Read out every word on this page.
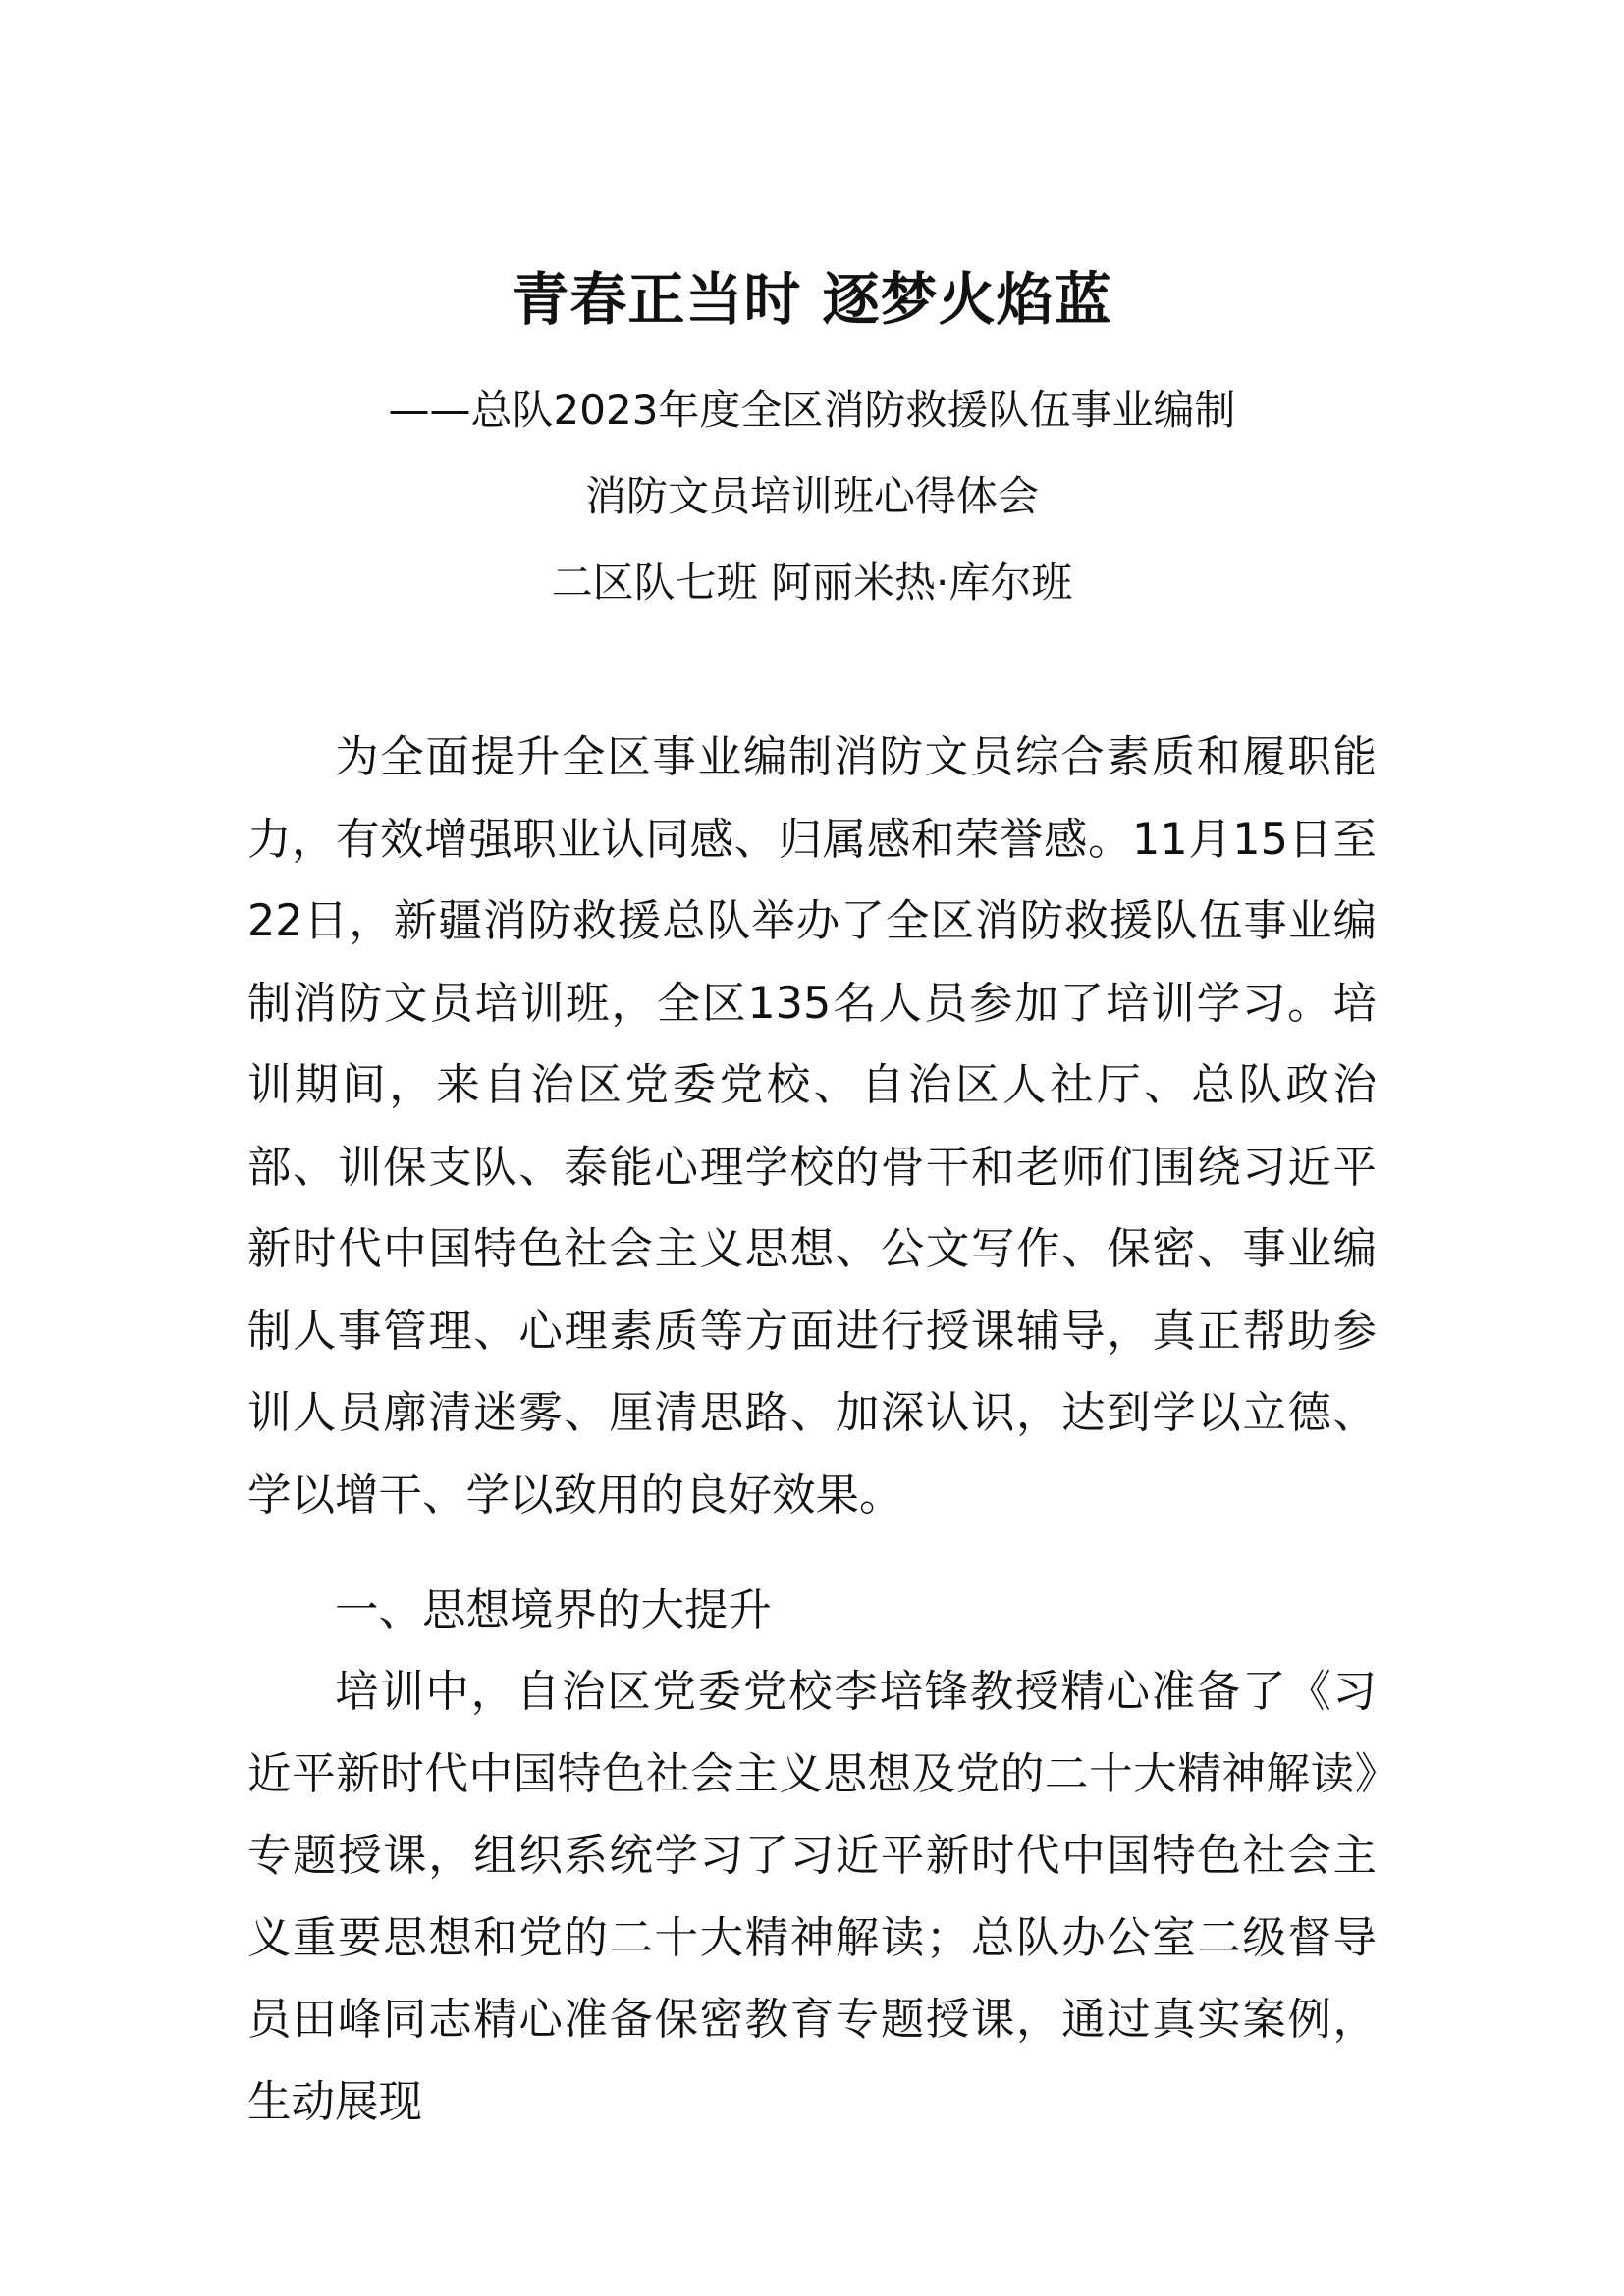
青春正当时 逐梦火焰蓝

——总队2023年度全区消防救援队伍事业编制

消防文员培训班心得体会

二区队七班 阿丽米热·库尔班

为全面提升全区事业编制消防文员综合素质和履职能力，有效增强职业认同感、归属感和荣誉感。11月15日至22日，新疆消防救援总队举办了全区消防救援队伍事业编制消防文员培训班，全区135名人员参加了培训学习。培训期间，来自治区党委党校、自治区人社厅、总队政治部、训保支队、泰能心理学校的骨干和老师们围绕习近平新时代中国特色社会主义思想、公文写作、保密、事业编制人事管理、心理素质等方面进行授课辅导，真正帮助参训人员廓清迷雾、厘清思路、加深认识，达到学以立德、学以增干、学以致用的良好效果。

一、思想境界的大提升

培训中，自治区党委党校李培锋教授精心准备了《习近平新时代中国特色社会主义思想及党的二十大精神解读》专题授课，组织系统学习了习近平新时代中国特色社会主义重要思想和党的二十大精神解读；总队办公室二级督导员田峰同志精心准备保密教育专题授课，通过真实案例，生动展现
